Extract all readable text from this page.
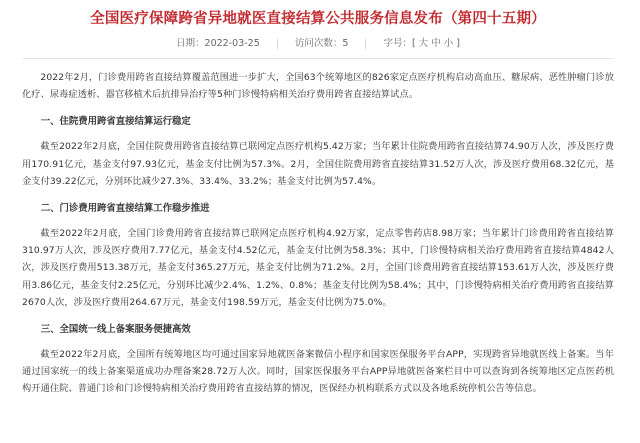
全国医疗保障跨省异地就医直接结算公共服务信息发布（第四十五期）
日期：2022-03-25	访问次数：5	字号：[ 大 中 小 ]

2022年2月，门诊费用跨省直接结算覆盖范围进一步扩大，全国63个统筹地区的826家定点医疗机构启动高血压、糖尿病、恶性肿瘤门诊放化疗、尿毒症透析、器官移植术后抗排异治疗等5种门诊慢特病相关治疗费用跨省直接结算试点。

一、住院费用跨省直接结算运行稳定

截至2022年2月底，全国住院费用跨省直接结算已联网定点医疗机构5.42万家；当年累计住院费用跨省直接结算74.90万人次，涉及医疗费用170.91亿元，基金支付97.93亿元，基金支付比例为57.3%。2月，全国住院费用跨省直接结算31.52万人次，涉及医疗费用68.32亿元，基金支付39.22亿元，分别环比减少27.3%、33.4%、33.2%；基金支付比例为57.4%。

二、门诊费用跨省直接结算工作稳步推进

截至2022年2月底，全国门诊费用跨省直接结算已联网定点医疗机构4.92万家，定点零售药店8.98万家；当年累计门诊费用跨省直接结算310.97万人次，涉及医疗费用7.77亿元，基金支付4.52亿元，基金支付比例为58.3%；其中，门诊慢特病相关治疗费用跨省直接结算4842人次，涉及医疗费用513.38万元，基金支付365.27万元，基金支付比例为71.2%。2月，全国门诊费用跨省直接结算153.61万人次，涉及医疗费用3.86亿元，基金支付2.25亿元，分别环比减少2.4%、1.2%、0.8%；基金支付比例为58.4%；其中，门诊慢特病相关治疗费用跨省直接结算2670人次，涉及医疗费用264.67万元，基金支付198.59万元，基金支付比例为75.0%。

三、全国统一线上备案服务便捷高效

截至2022年2月底，全国所有统筹地区均可通过国家异地就医备案微信小程序和国家医保服务平台APP，实现跨省异地就医线上备案。当年通过国家统一的线上备案渠道成功办理备案28.72万人次。同时，国家医保服务平台APP异地就医备案栏目中可以查询到各统筹地区定点医药机构开通住院、普通门诊和门诊慢特病相关治疗费用跨省直接结算的情况，医保经办机构联系方式以及各地系统停机公告等信息。
